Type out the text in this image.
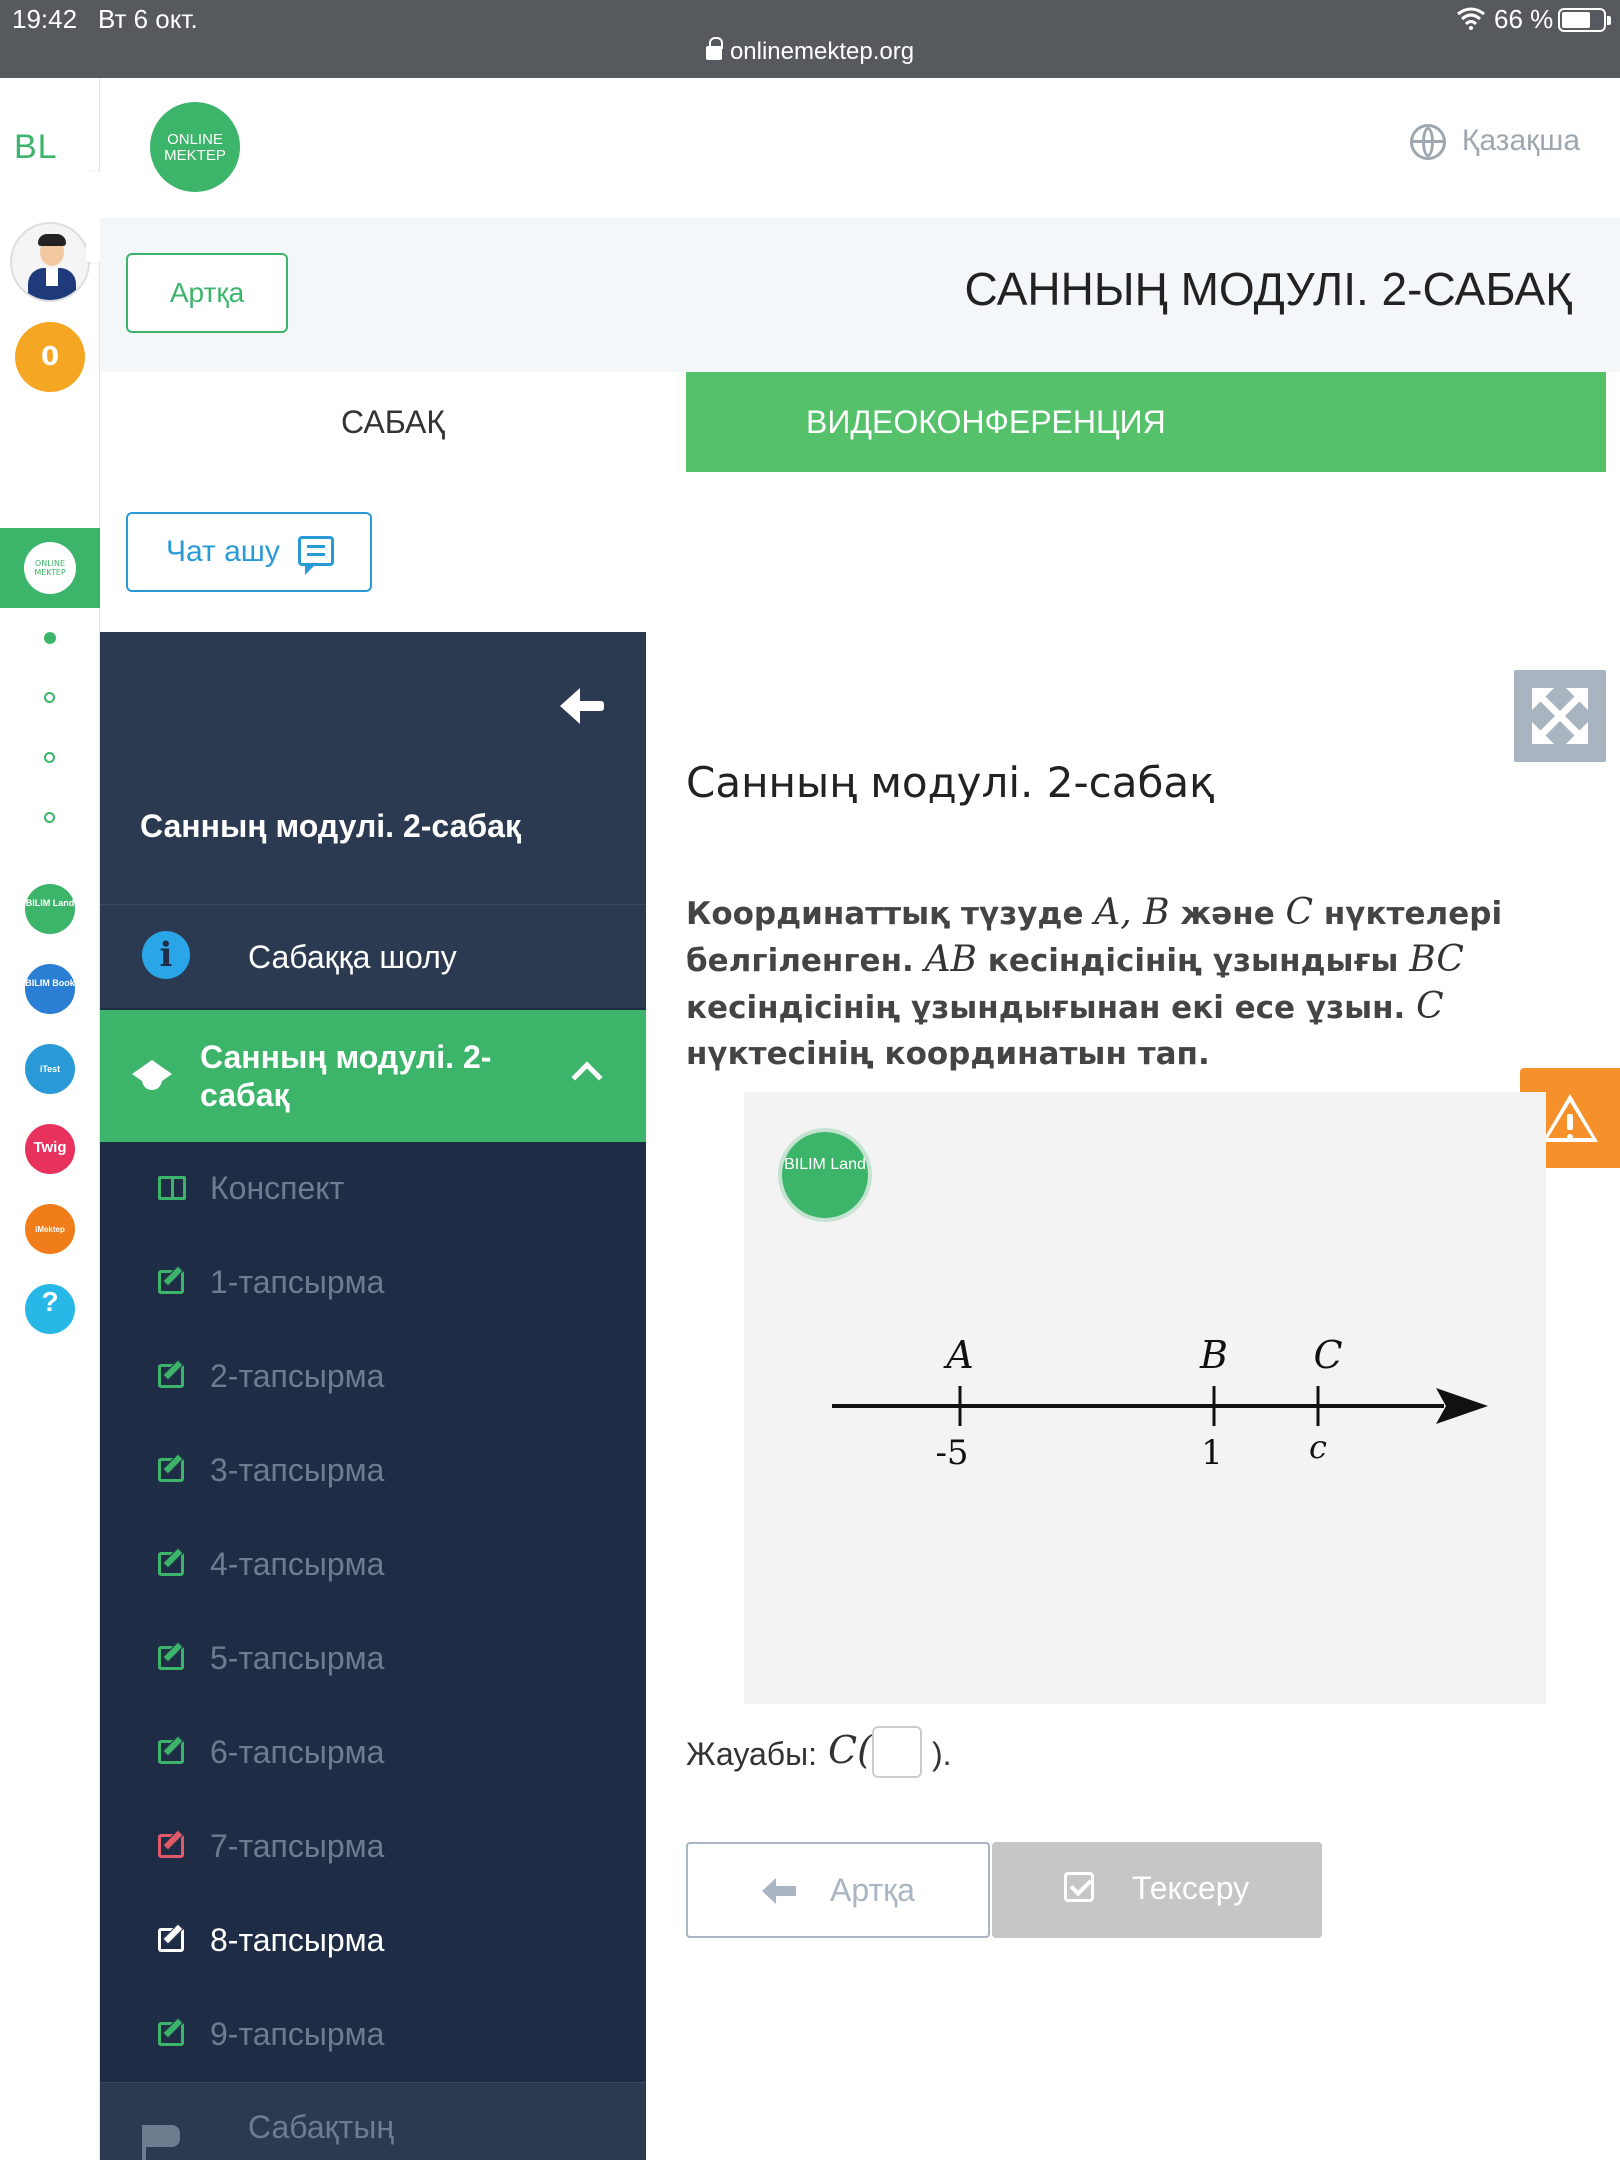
19:42 Вт 6 окт.
onlinemektep.org
66 %
BL
0
ONLINE MEKTEP
BILIM Land
BILIM Book
iTest
Twig
iMektep
?
ONLINE MEKTEP	Қазақша
Артқа	САННЫҢ МОДУЛІ. 2-САБАҚ
САБАҚ	ВИДЕОКОНФЕРЕНЦИЯ
Чат ашу
Санның модулі. 2-сабақ
i	Сабаққа шолу
Санның модулі. 2-сабақ
Конспект
1-тапсырма
2-тапсырма
3-тапсырма
4-тапсырма
5-тапсырма
6-тапсырма
7-тапсырма
8-тапсырма
9-тапсырма
Сабақтың
Санның модулі. 2-сабақ
Координаттық түзуде A, B және C нүктелері белгіленген. AB кесіндісінің ұзындығы BC кесіндісінің ұзындығынан екі есе ұзын. C нүктесінің координатын тап.
BILIM Land
A	B C
-5	1	c
Жауабы: C( ).
Артқа	Тексеру
